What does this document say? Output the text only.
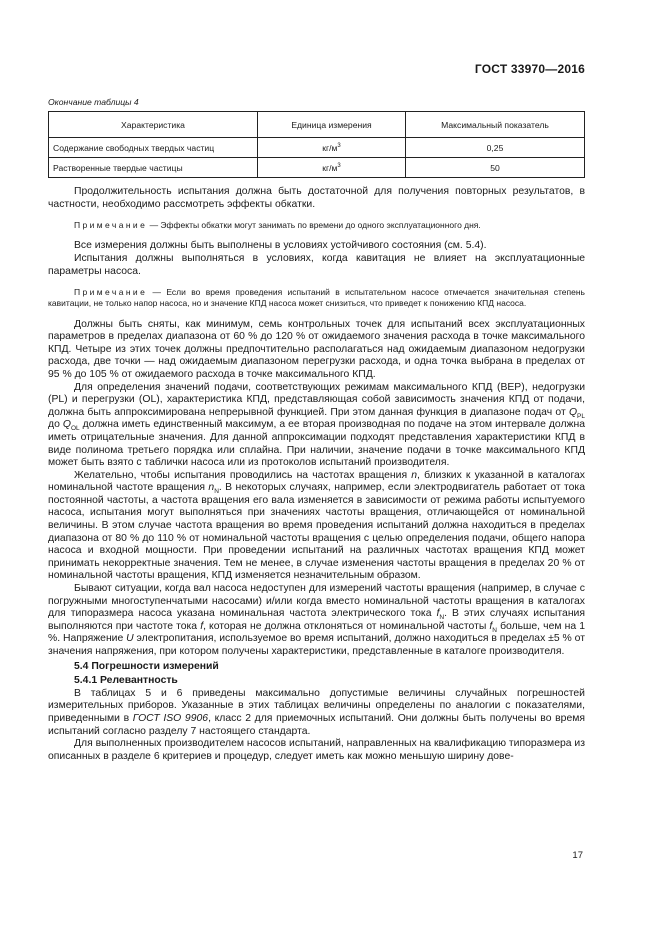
ГОСТ 33970—2016
Окончание таблицы 4
Характеристика	Единица измерения	Максимальный показатель
Содержание свободных твердых частиц	$кг/м^3$	0,25
Растворенные твердые частицы	$кг/м^3$	50

Продолжительность испытания должна быть достаточной для получения повторных результатов, в частности, необходимо рассмотреть эффекты обкатки.

Примечание — Эффекты обкатки могут занимать по времени до одного эксплуатационного дня.

Все измерения должны быть выполнены в условиях устойчивого состояния (см. 5.4).

Испытания должны выполняться в условиях, когда кавитация не влияет на эксплуатационные параметры насоса.

Примечание — Если во время проведения испытаний в испытательном насосе отмечается значительная степень кавитации, не только напор насоса, но и значение КПД насоса может снизиться, что приведет к понижению КПД насоса.

Должны быть сняты, как минимум, семь контрольных точек для испытаний всех эксплуатационных параметров в пределах диапазона от 60 % до 120 % от ожидаемого значения расхода в точке максимального КПД. Четыре из этих точек должны предпочтительно располагаться над ожидаемым диапазоном недогрузки расхода, две точки — над ожидаемым диапазоном перегрузки расхода, и одна точка выбрана в пределах от 95 % до 105 % от ожидаемого расхода в точке максимального КПД.

Для определения значений подачи, соответствующих режимам максимального КПД (BEP), недогрузки (PL) и перегрузки (OL), характеристика КПД, представляющая собой зависимость значения КПД от подачи, должна быть аппроксимирована непрерывной функцией. При этом данная функция в диапазоне подач от $Q_{PL}$ до $Q_{OL}$ должна иметь единственный максимум, а ее вторая производная по подаче на этом интервале должна иметь отрицательные значения. Для данной аппроксимации подходят представления характеристики КПД в виде полинома третьего порядка или сплайна. При наличии, значение подачи в точке максимального КПД может быть взято с таблички насоса или из протоколов испытаний производителя.

Желательно, чтобы испытания проводились на частотах вращения n, близких к указанной в каталогах номинальной частоте вращения $n_N$. В некоторых случаях, например, если электродвигатель работает от тока постоянной частоты, а частота вращения его вала изменяется в зависимости от режима работы испытуемого насоса, испытания могут выполняться при значениях частоты вращения, отличающейся от номинальной величины. В этом случае частота вращения во время проведения испытаний должна находиться в пределах диапазона от 80 % до 110 % от номинальной частоты вращения с целью определения подачи, общего напора насоса и входной мощности. При проведении испытаний на различных частотах вращения КПД может принимать некорректные значения. Тем не менее, в случае изменения частоты вращения в пределах 20 % от номинальной частоты вращения, КПД изменяется незначительным образом.

Бывают ситуации, когда вал насоса недоступен для измерений частоты вращения (например, в случае с погружными многоступенчатыми насосами) и/или когда вместо номинальной частоты вращения в каталогах для типоразмера насоса указана номинальная частота электрического тока $f_N$. В этих случаях испытания выполняются при частоте тока f, которая не должна отклоняться от номинальной частоты $f_N$ больше, чем на 1 %. Напряжение U электропитания, используемое во время испытаний, должно находиться в пределах ±5 % от значения напряжения, при котором получены характеристики, представленные в каталоге производителя.

5.4 Погрешности измерений

5.4.1 Релевантность

В таблицах 5 и 6 приведены максимально допустимые величины случайных погрешностей измерительных приборов. Указанные в этих таблицах величины определены по аналогии с показателями, приведенными в ГОСТ ISO 9906, класс 2 для приемочных испытаний. Они должны быть получены во время испытаний согласно разделу 7 настоящего стандарта.

Для выполненных производителем насосов испытаний, направленных на квалификацию типоразмера из описанных в разделе 6 критериев и процедур, следует иметь как можно меньшую ширину дове-

17
